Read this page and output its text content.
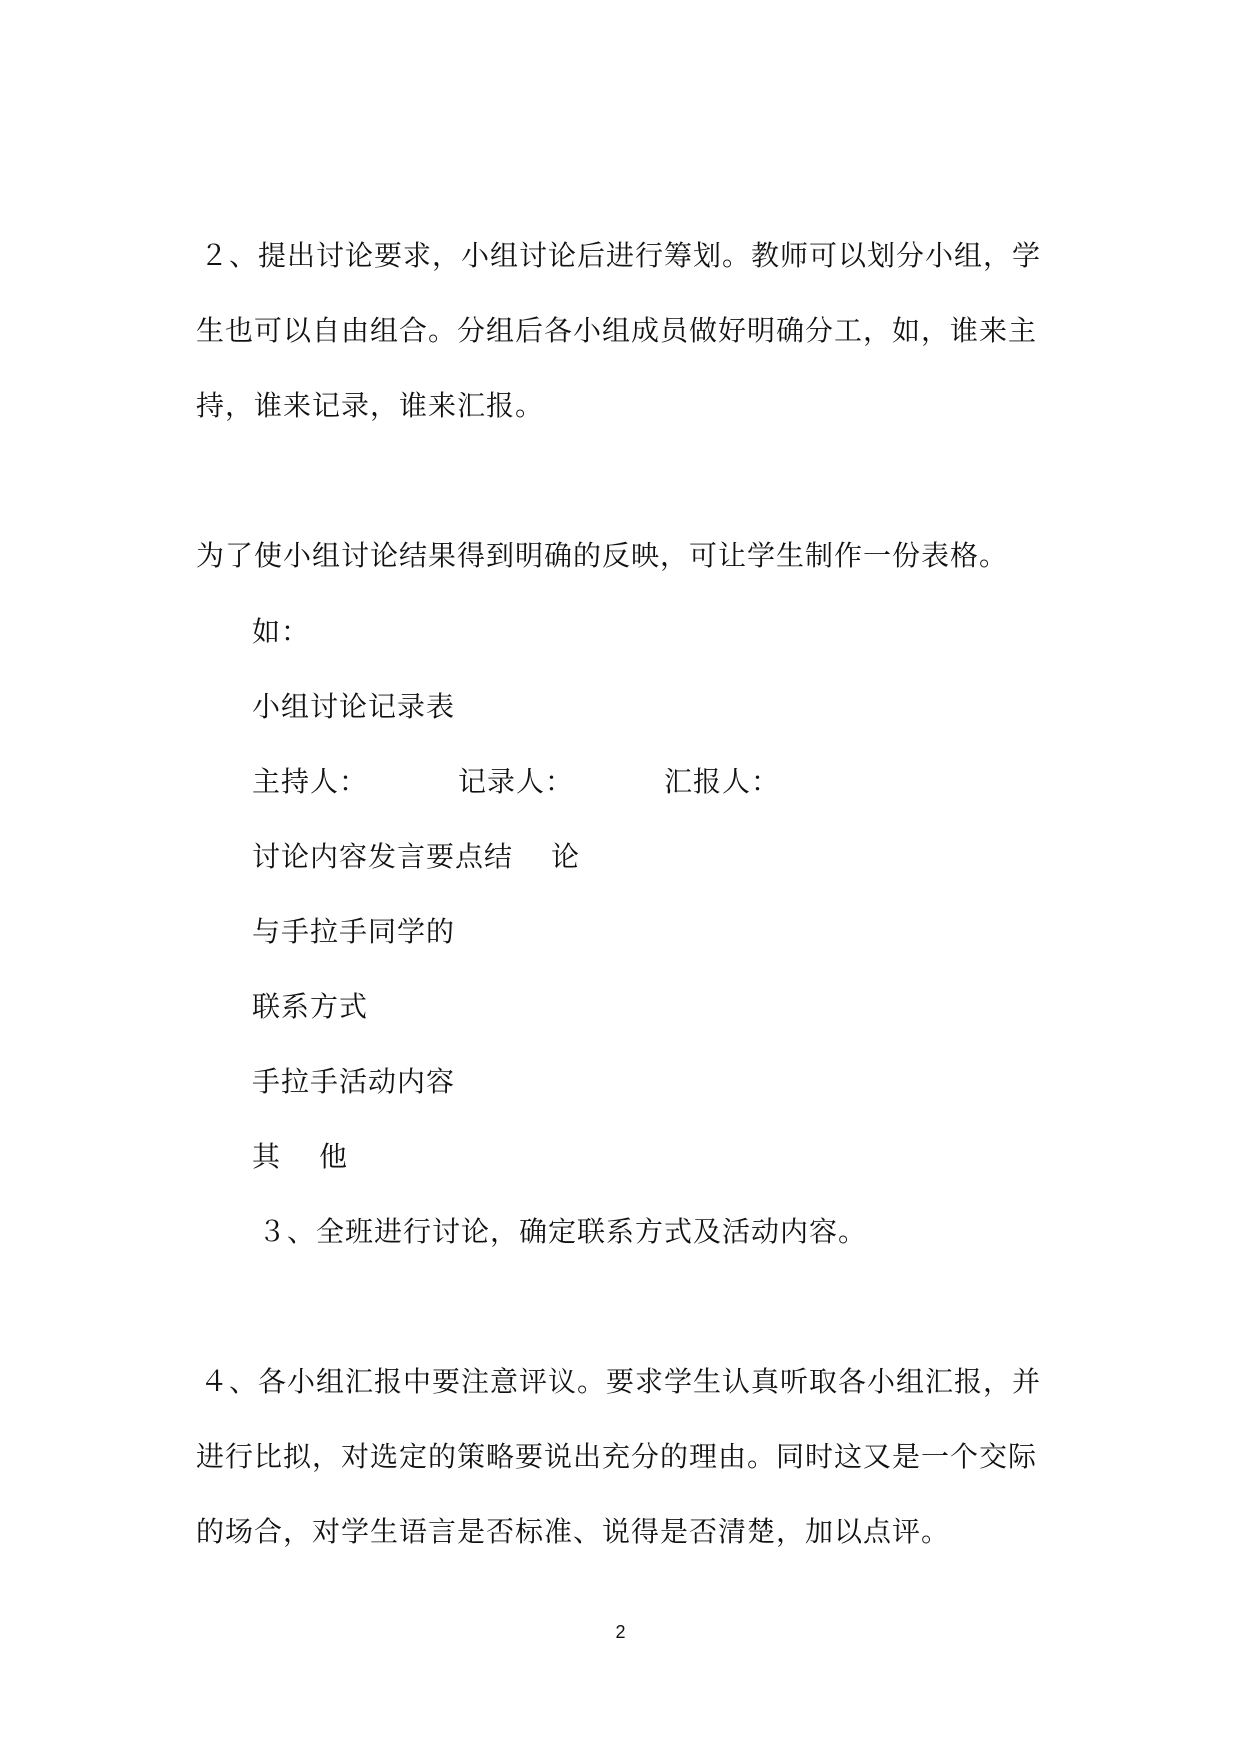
２、提出讨论要求，小组讨论后进行筹划。教师可以划分小组，学
生也可以自由组合。分组后各小组成员做好明确分工，如，谁来主
持，谁来记录，谁来汇报。
为了使小组讨论结果得到明确的反映，可让学生制作一份表格。
如：
小组讨论记录表
主持人：	记录人：	汇报人：
讨论内容发言要点结 论
与手拉手同学的
联系方式
手拉手活动内容
其 他
３、全班进行讨论，确定联系方式及活动内容。
４、各小组汇报中要注意评议。要求学生认真听取各小组汇报，并
进行比拟，对选定的策略要说出充分的理由。同时这又是一个交际
的场合，对学生语言是否标准、说得是否清楚，加以点评。
2
